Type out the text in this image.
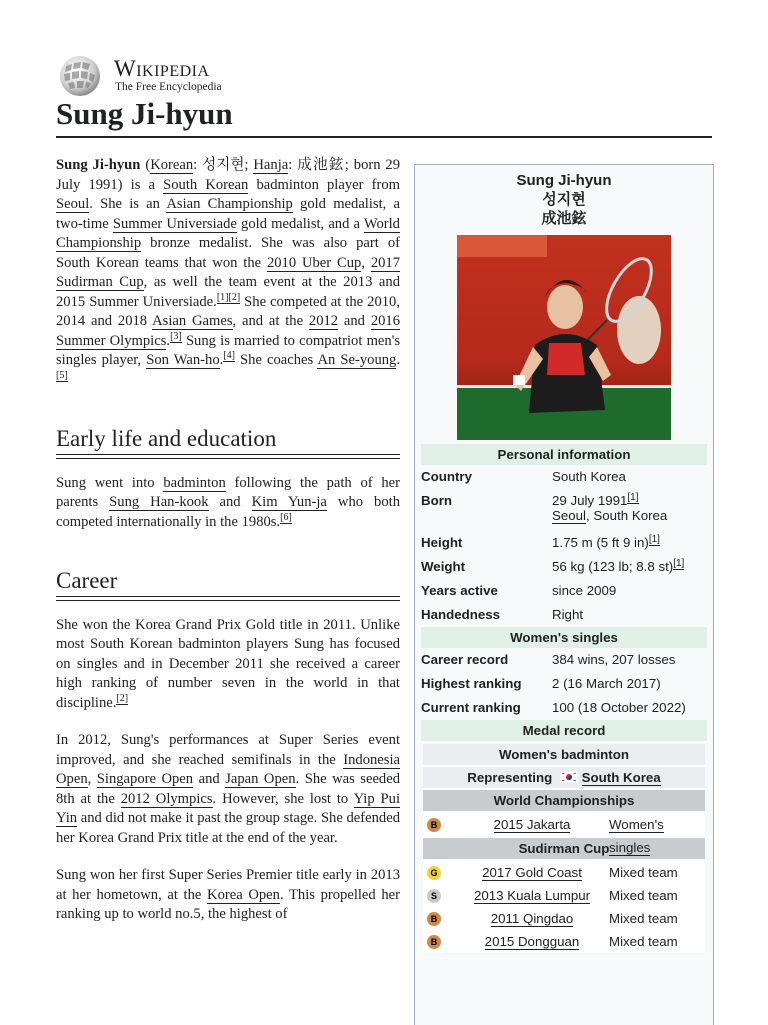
Wikipedia
The Free Encyclopedia
Sung Ji-hyun

Sung Ji-hyun (Korean: 성지현; Hanja: 成池鉉; born 29 July 1991) is a South Korean badminton player from Seoul. She is an Asian Championship gold medalist, a two-time Summer Universiade gold medalist, and a World Championship bronze medalist. She was also part of South Korean teams that won the 2010 Uber Cup, 2017 Sudirman Cup, as well the team event at the 2013 and 2015 Summer Universiade.[1][2] She competed at the 2010, 2014 and 2018 Asian Games, and at the 2012 and 2016 Summer Olympics.[3] Sung is married to compatriot men's singles player, Son Wan-ho.[4] She coaches An Se-young.[5]

Early life and education

Sung went into badminton following the path of her parents Sung Han-kook and Kim Yun-ja who both competed internationally in the 1980s.[6]

Career

She won the Korea Grand Prix Gold title in 2011. Unlike most South Korean badminton players Sung has focused on singles and in December 2011 she received a career high ranking of number seven in the world in that discipline.[2]

In 2012, Sung's performances at Super Series event improved, and she reached semifinals in the Indonesia Open, Singapore Open and Japan Open. She was seeded 8th at the 2012 Olympics. However, she lost to Yip Pui Yin and did not make it past the group stage. She defended her Korea Grand Prix title at the end of the year.

Sung won her first Super Series Premier title early in 2013 at her hometown, at the Korea Open. This propelled her ranking up to world no.5, the highest of

Sung Ji-hyun
성지현
成池鉉
Personal information
Country	South Korea
Born	29 July 1991[1]
Seoul, South Korea
Height	1.75 m (5 ft 9 in)[1]
Weight	56 kg (123 lb; 8.8 st)[1]
Years active	since 2009
Handedness	Right
Women's singles
Career record	384 wins, 207 losses
Highest ranking 2 (16 March 2017)
Current ranking 100 (18 October 2022)
Medal record
Women's badminton
Representing South Korea
World Championships
B	2015 Jakarta	Women's singles
Sudirman Cup
G	2017 Gold Coast	Mixed team
S	2013 Kuala Lumpur	Mixed team
B	2011 Qingdao	Mixed team
B	2015 Dongguan	Mixed team
